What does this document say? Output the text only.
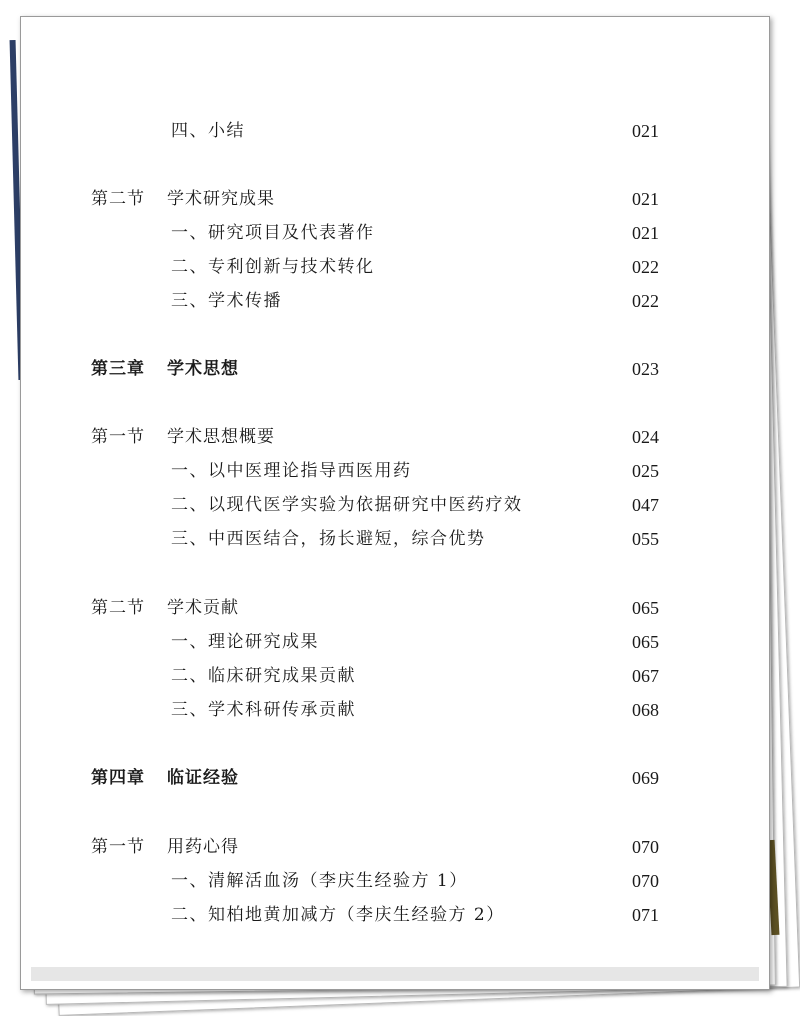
四、小结	021
第二节 学术研究成果	021
一、研究项目及代表著作	021
二、专利创新与技术转化	022
三、学术传播	022
第三章 学术思想	023
第一节 学术思想概要	024
一、以中医理论指导西医用药	025
二、以现代医学实验为依据研究中医药疗效	047
三、中西医结合，扬长避短，综合优势	055
第二节 学术贡献	065
一、理论研究成果	065
二、临床研究成果贡献	067
三、学术科研传承贡献	068
第四章 临证经验	069
第一节 用药心得	070
一、清解活血汤（李庆生经验方 1）	070
二、知柏地黄加减方（李庆生经验方 2）	071
